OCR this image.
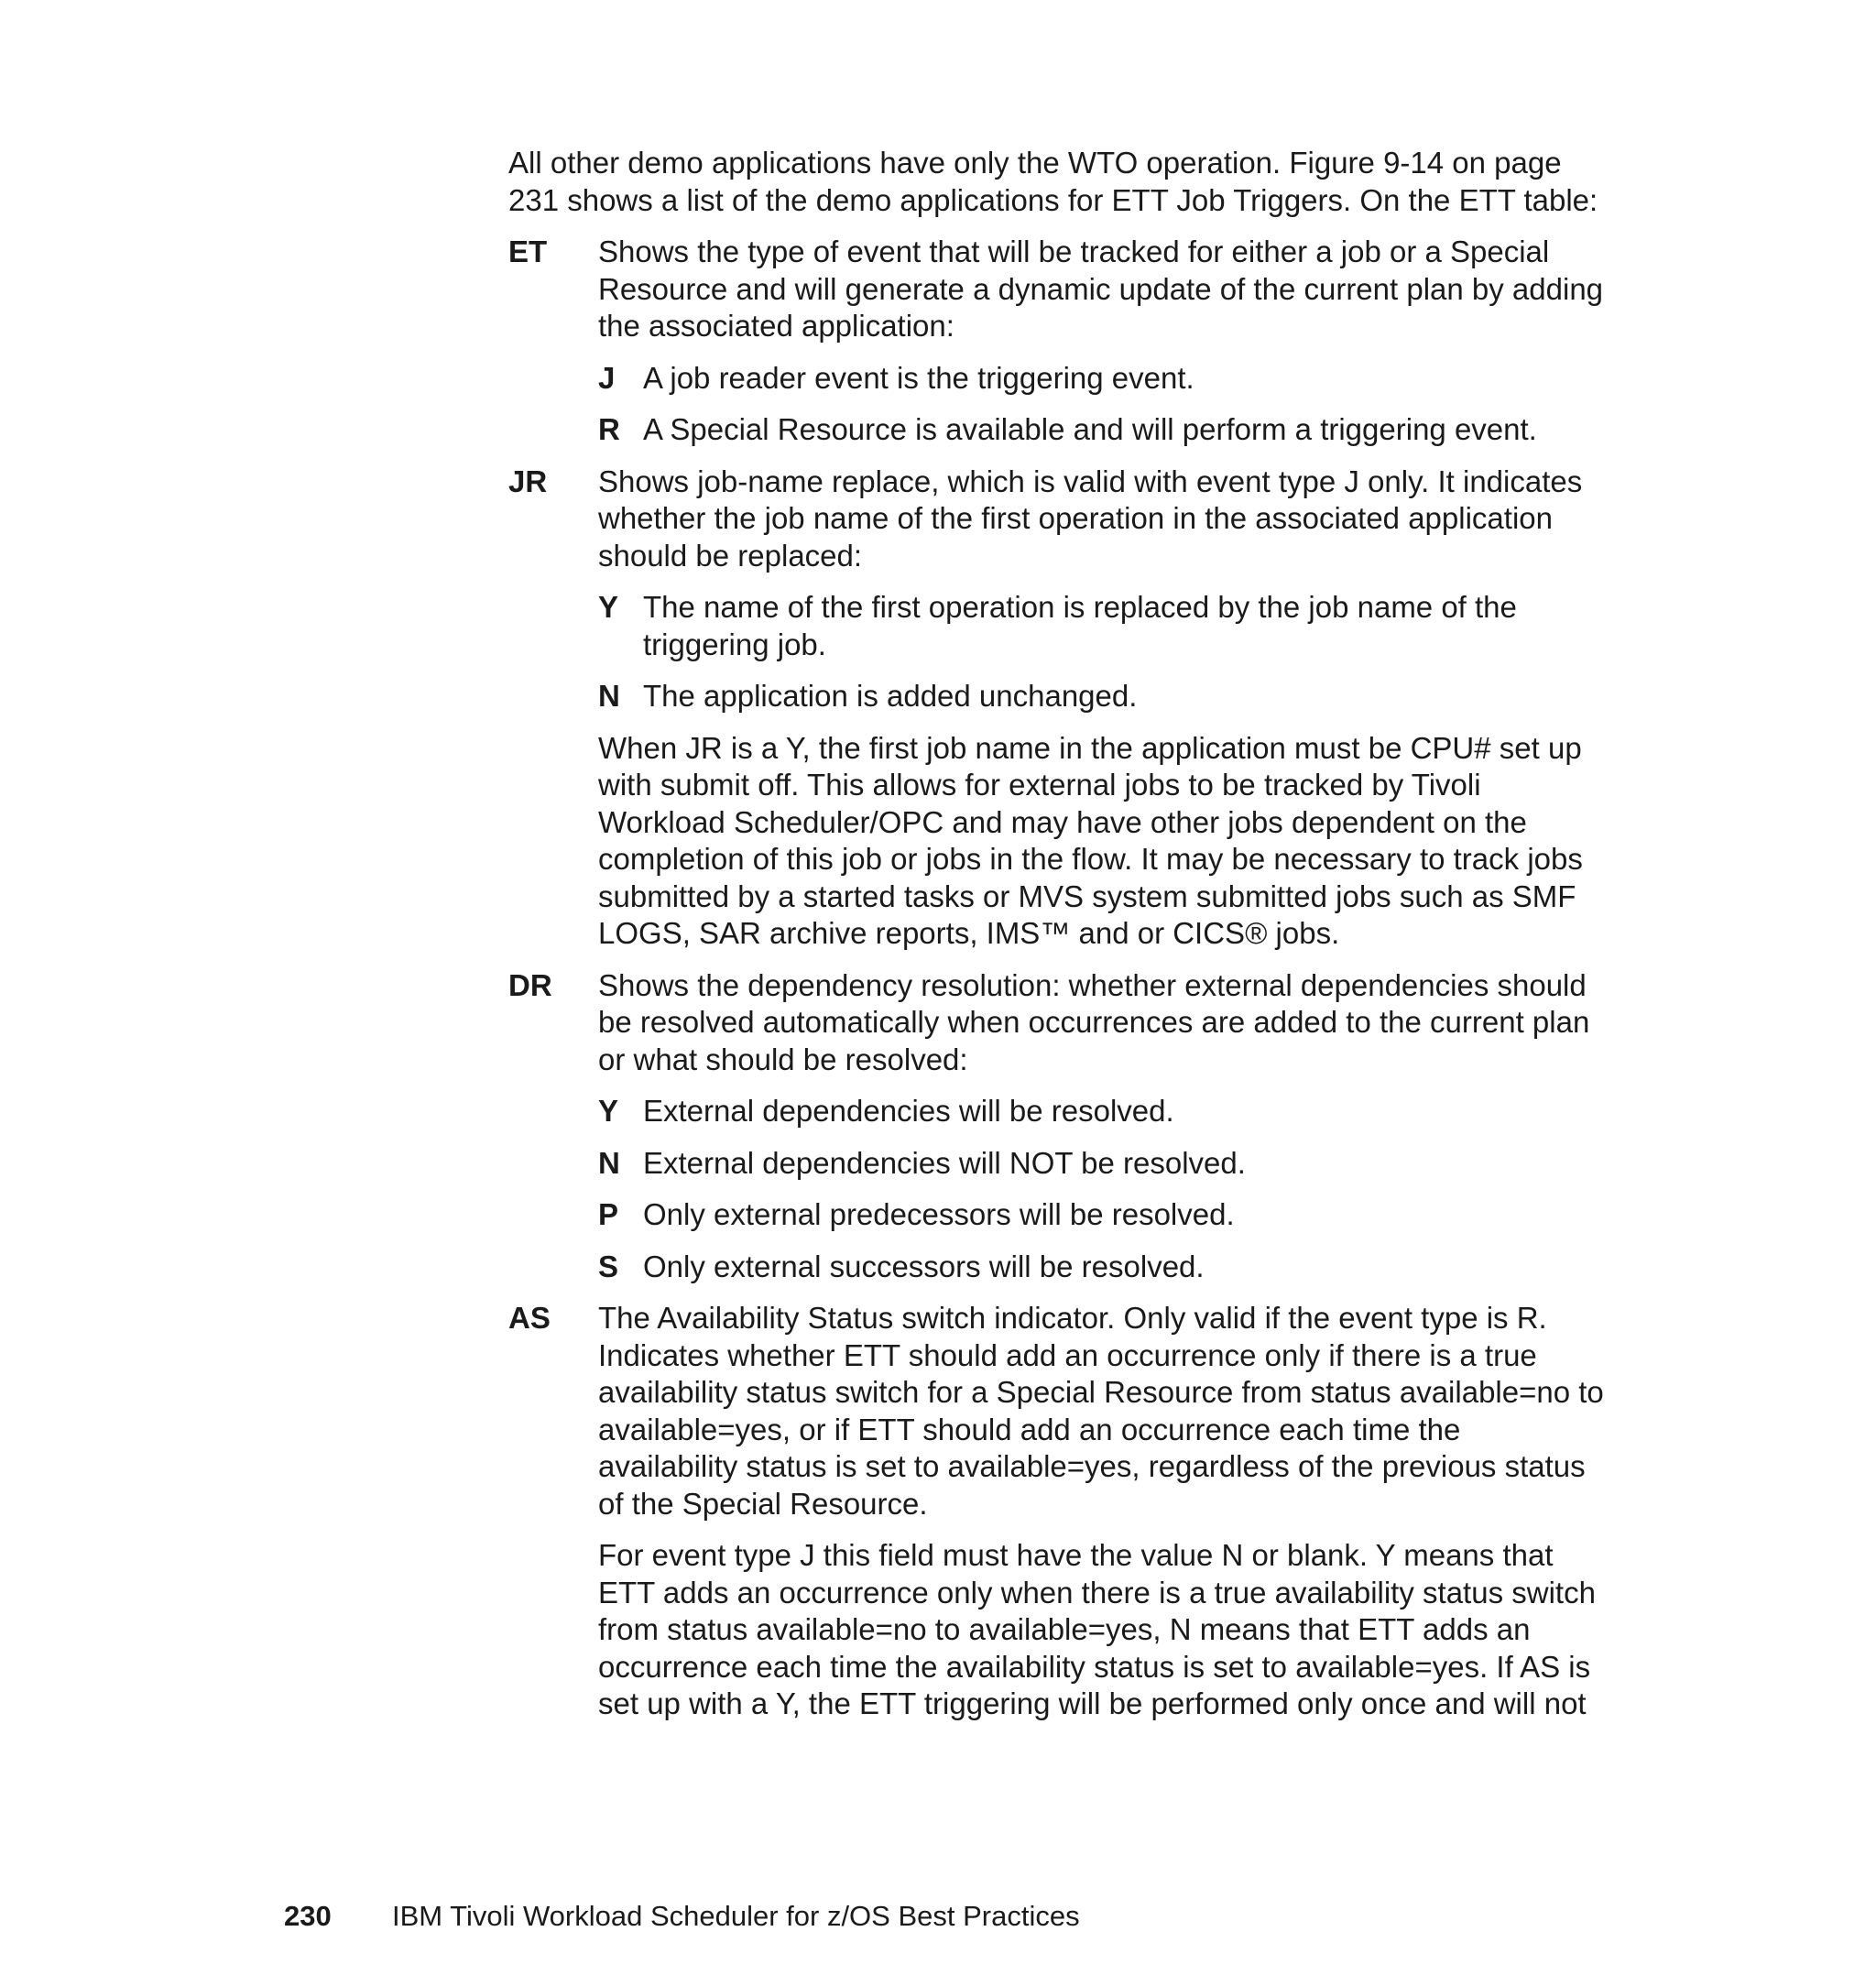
All other demo applications have only the WTO operation. Figure 9-14 on page 231 shows a list of the demo applications for ETT Job Triggers. On the ETT table:

ET	Shows the type of event that will be tracked for either a job or a Special Resource and will generate a dynamic update of the current plan by adding the associated application:

J A job reader event is the triggering event.
R A Special Resource is available and will perform a triggering event.
JR	Shows job-name replace, which is valid with event type J only. It indicates whether the job name of the first operation in the associated application should be replaced:

Y The name of the first operation is replaced by the job name of the triggering job.
N The application is added unchanged.

When JR is a Y, the first job name in the application must be CPU# set up with submit off. This allows for external jobs to be tracked by Tivoli Workload Scheduler/OPC and may have other jobs dependent on the completion of this job or jobs in the flow. It may be necessary to track jobs submitted by a started tasks or MVS system submitted jobs such as SMF LOGS, SAR archive reports, IMS™ and or CICS® jobs.

DR	Shows the dependency resolution: whether external dependencies should be resolved automatically when occurrences are added to the current plan or what should be resolved:

Y External dependencies will be resolved.
N External dependencies will NOT be resolved.
P Only external predecessors will be resolved.
S Only external successors will be resolved.
AS	The Availability Status switch indicator. Only valid if the event type is R. Indicates whether ETT should add an occurrence only if there is a true availability status switch for a Special Resource from status available=no to available=yes, or if ETT should add an occurrence each time the availability status is set to available=yes, regardless of the previous status of the Special Resource.

For event type J this field must have the value N or blank. Y means that ETT adds an occurrence only when there is a true availability status switch from status available=no to available=yes, N means that ETT adds an occurrence each time the availability status is set to available=yes. If AS is set up with a Y, the ETT triggering will be performed only once and will not

230	IBM Tivoli Workload Scheduler for z/OS Best Practices
